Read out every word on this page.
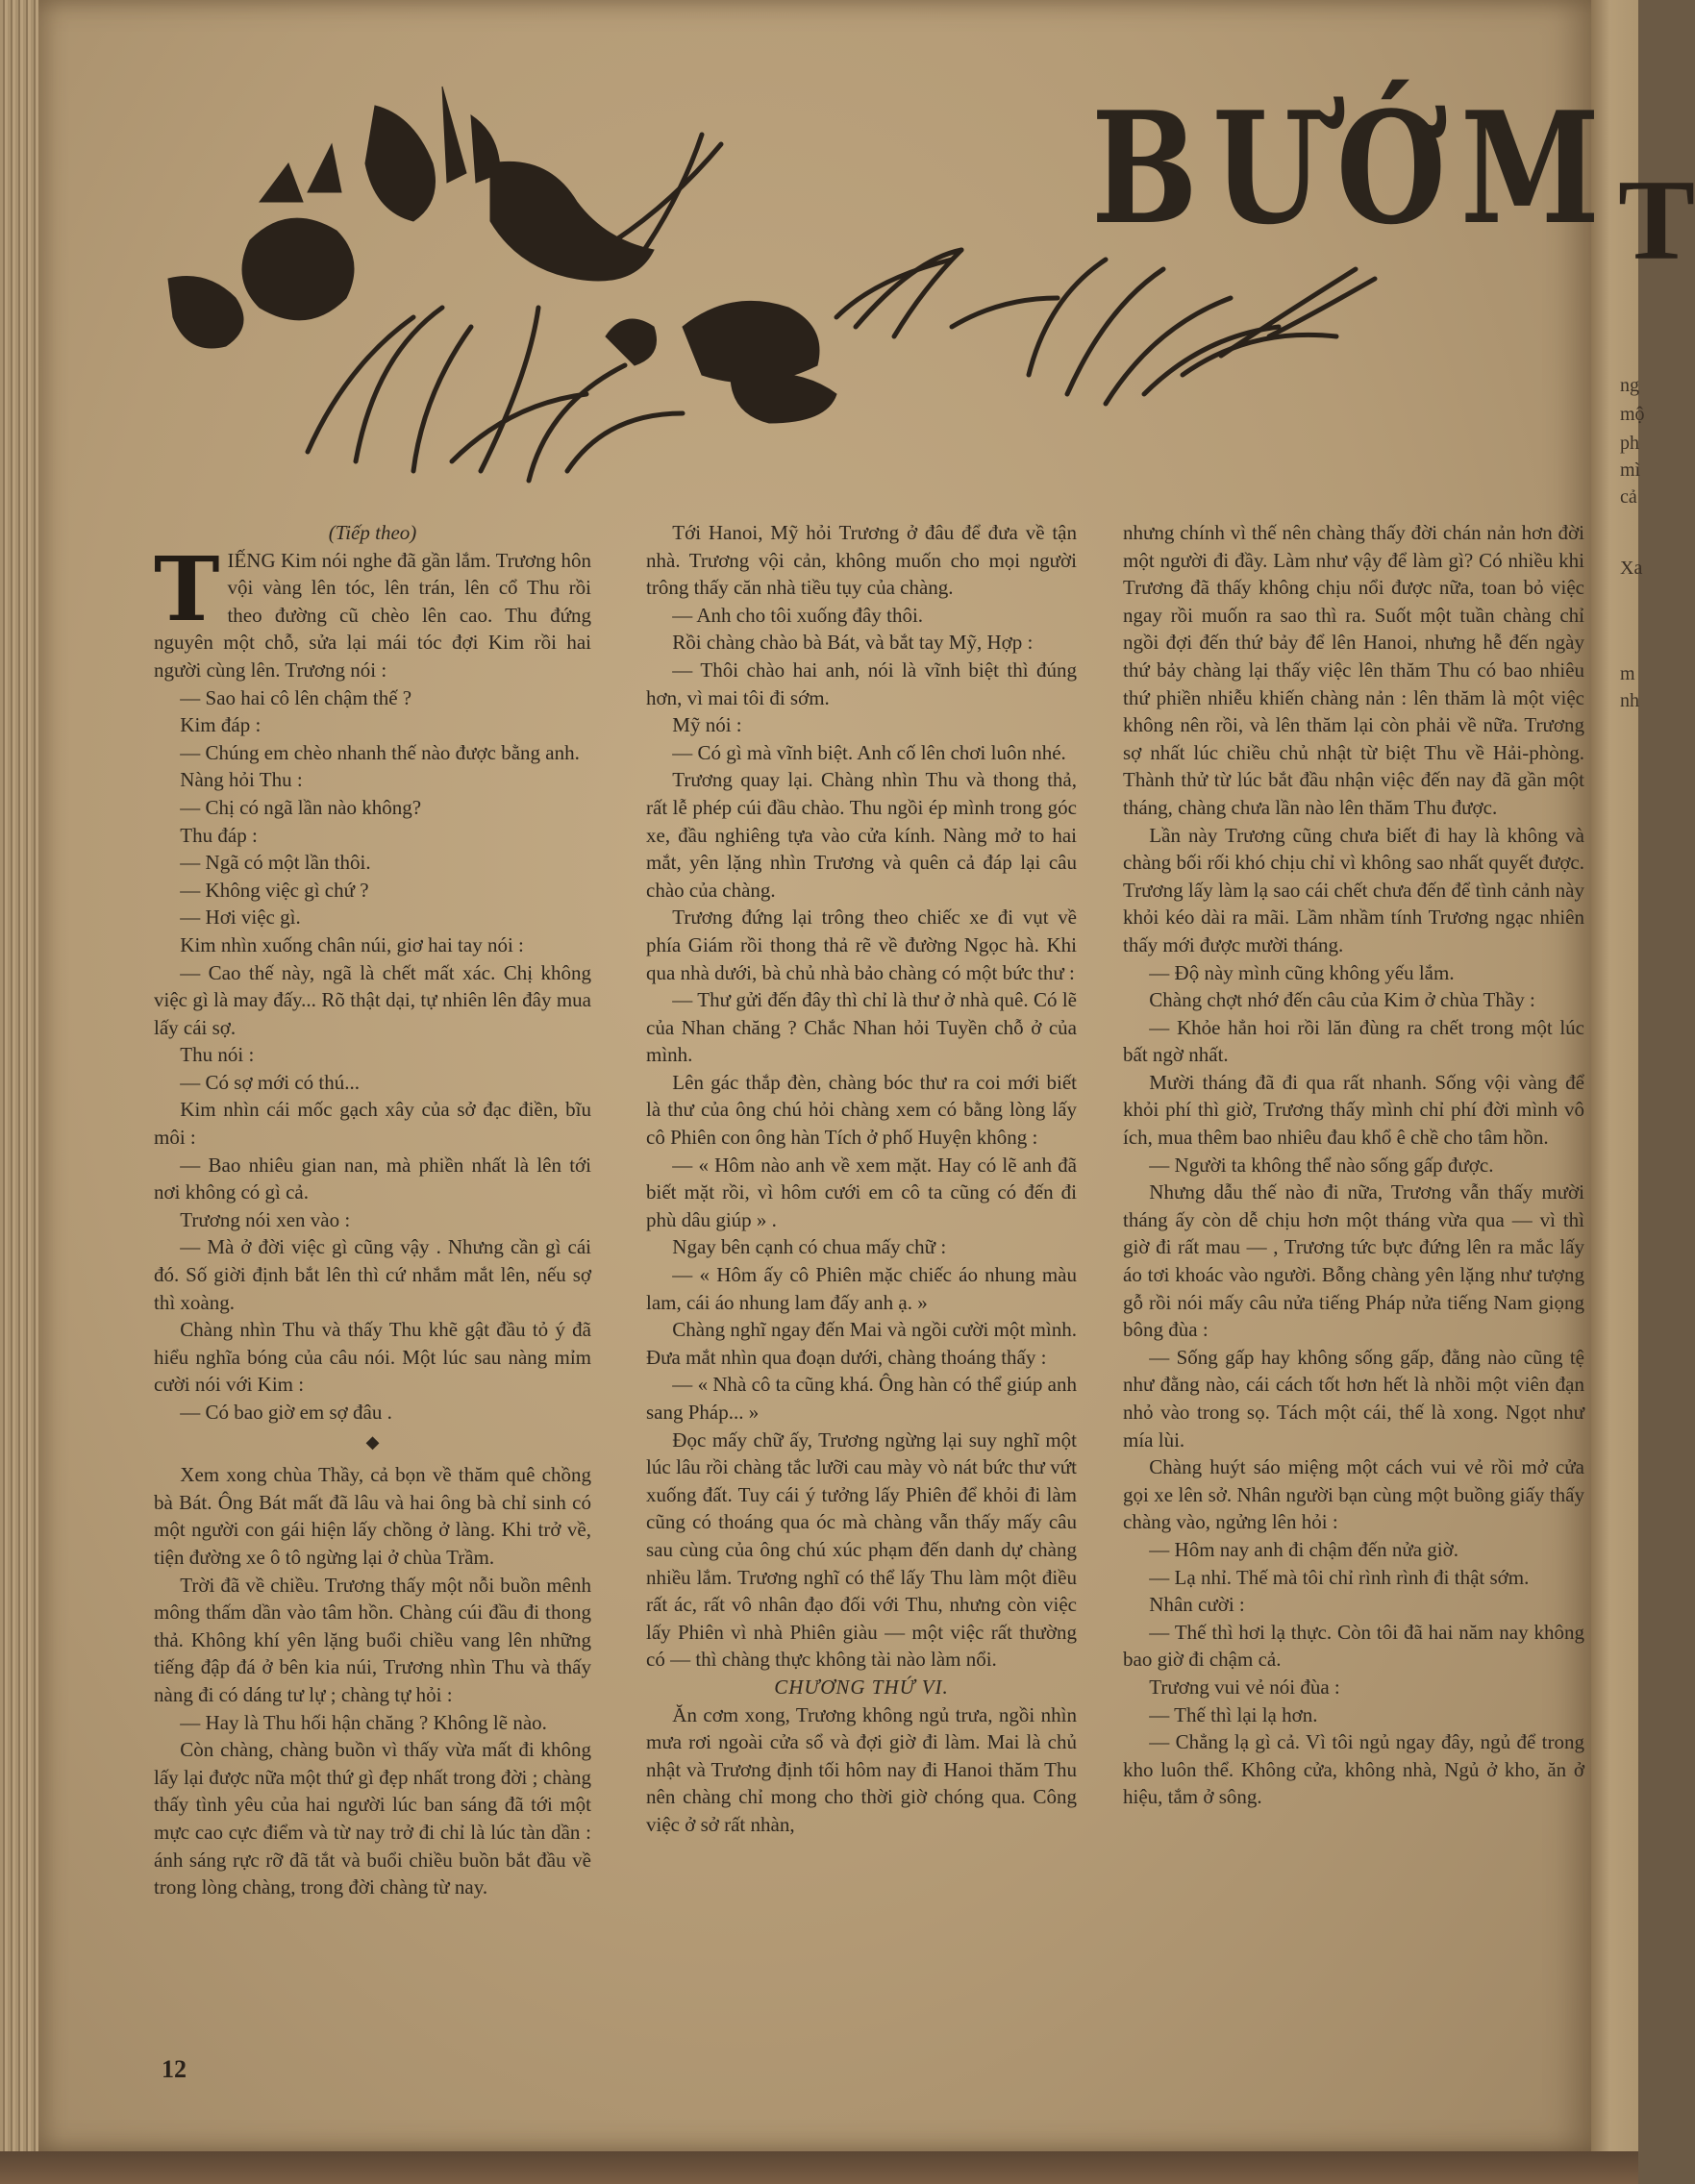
T
ng
mộ
ph
mì
cả
Xa
m
nh
BƯỚM

(Tiếp theo)

TIẾNG Kim nói nghe đã gần lắm. Trương hôn vội vàng lên tóc, lên trán, lên cổ Thu rồi theo đường cũ chèo lên cao. Thu đứng nguyên một chỗ, sửa lại mái tóc đợi Kim rồi hai người cùng lên. Trương nói :

— Sao hai cô lên chậm thế ?

Kim đáp :

— Chúng em chèo nhanh thế nào được bằng anh.

Nàng hỏi Thu :

— Chị có ngã lần nào không?

Thu đáp :

— Ngã có một lần thôi.

— Không việc gì chứ ?

— Hơi việc gì.

Kim nhìn xuống chân núi, giơ hai tay nói :

— Cao thế này, ngã là chết mất xác. Chị không việc gì là may đấy... Rõ thật dại, tự nhiên lên đây mua lấy cái sợ.

Thu nói :

— Có sợ mới có thú...

Kim nhìn cái mốc gạch xây của sở đạc điền, bĩu môi :

— Bao nhiêu gian nan, mà phiền nhất là lên tới nơi không có gì cả.

Trương nói xen vào :

— Mà ở đời việc gì cũng vậy . Nhưng cần gì cái đó. Số giời định bắt lên thì cứ nhắm mắt lên, nếu sợ thì xoàng.

Chàng nhìn Thu và thấy Thu khẽ gật đầu tỏ ý đã hiểu nghĩa bóng của câu nói. Một lúc sau nàng mỉm cười nói với Kim :

— Có bao giờ em sợ đâu .

◆

Xem xong chùa Thầy, cả bọn về thăm quê chồng bà Bát. Ông Bát mất đã lâu và hai ông bà chỉ sinh có một người con gái hiện lấy chồng ở làng. Khi trở về, tiện đường xe ô tô ngừng lại ở chùa Trầm.

Trời đã về chiều. Trương thấy một nỗi buồn mênh mông thấm dần vào tâm hồn. Chàng cúi đầu đi thong thả. Không khí yên lặng buổi chiều vang lên những tiếng đập đá ở bên kia núi, Trương nhìn Thu và thấy nàng đi có dáng tư lự ; chàng tự hỏi :

— Hay là Thu hối hận chăng ? Không lẽ nào.

Còn chàng, chàng buồn vì thấy vừa mất đi không lấy lại được nữa một thứ gì đẹp nhất trong đời ; chàng thấy tình yêu của hai người lúc ban sáng đã tới một mực cao cực điểm và từ nay trở đi chỉ là lúc tàn dần : ánh sáng rực rỡ đã tắt và buổi chiều buồn bắt đầu về trong lòng chàng, trong đời chàng từ nay.

Tới Hanoi, Mỹ hỏi Trương ở đâu để đưa về tận nhà. Trương vội cản, không muốn cho mọi người trông thấy căn nhà tiều tụy của chàng.

— Anh cho tôi xuống đây thôi.

Rồi chàng chào bà Bát, và bắt tay Mỹ, Hợp :

— Thôi chào hai anh, nói là vĩnh biệt thì đúng hơn, vì mai tôi đi sớm.

Mỹ nói :

— Có gì mà vĩnh biệt. Anh cố lên chơi luôn nhé.

Trương quay lại. Chàng nhìn Thu và thong thả, rất lễ phép cúi đầu chào. Thu ngồi ép mình trong góc xe, đầu nghiêng tựa vào cửa kính. Nàng mở to hai mắt, yên lặng nhìn Trương và quên cả đáp lại câu chào của chàng.

Trương đứng lại trông theo chiếc xe đi vụt về phía Giám rồi thong thả rẽ về đường Ngọc hà. Khi qua nhà dưới, bà chủ nhà bảo chàng có một bức thư :

— Thư gửi đến đây thì chỉ là thư ở nhà quê. Có lẽ của Nhan chăng ? Chắc Nhan hỏi Tuyền chỗ ở của mình.

Lên gác thắp đèn, chàng bóc thư ra coi mới biết là thư của ông chú hỏi chàng xem có bằng lòng lấy cô Phiên con ông hàn Tích ở phố Huyện không :

— « Hôm nào anh về xem mặt. Hay có lẽ anh đã biết mặt rồi, vì hôm cưới em cô ta cũng có đến đi phù dâu giúp » .

Ngay bên cạnh có chua mấy chữ :

— « Hôm ấy cô Phiên mặc chiếc áo nhung màu lam, cái áo nhung lam đấy anh ạ. »

Chàng nghĩ ngay đến Mai và ngồi cười một mình. Đưa mắt nhìn qua đoạn dưới, chàng thoáng thấy :

— « Nhà cô ta cũng khá. Ông hàn có thể giúp anh sang Pháp... »

Đọc mấy chữ ấy, Trương ngừng lại suy nghĩ một lúc lâu rồi chàng tắc lưỡi cau mày vò nát bức thư vứt xuống đất. Tuy cái ý tưởng lấy Phiên để khỏi đi làm cũng có thoáng qua óc mà chàng vẫn thấy mấy câu sau cùng của ông chú xúc phạm đến danh dự chàng nhiều lắm. Trương nghĩ có thể lấy Thu làm một điều rất ác, rất vô nhân đạo đối với Thu, nhưng còn việc lấy Phiên vì nhà Phiên giàu — một việc rất thường có — thì chàng thực không tài nào làm nổi.

CHƯƠNG THỨ VI.

Ăn cơm xong, Trương không ngủ trưa, ngồi nhìn mưa rơi ngoài cửa sổ và đợi giờ đi làm. Mai là chủ nhật và Trương định tối hôm nay đi Hanoi thăm Thu nên chàng chỉ mong cho thời giờ chóng qua. Công việc ở sở rất nhàn,

nhưng chính vì thế nên chàng thấy đời chán nản hơn đời một người đi đầy. Làm như vậy để làm gì? Có nhiều khi Trương đã thấy không chịu nổi được nữa, toan bỏ việc ngay rồi muốn ra sao thì ra. Suốt một tuần chàng chỉ ngồi đợi đến thứ bảy để lên Hanoi, nhưng hễ đến ngày thứ bảy chàng lại thấy việc lên thăm Thu có bao nhiêu thứ phiền nhiễu khiến chàng nản : lên thăm là một việc không nên rồi, và lên thăm lại còn phải về nữa. Trương sợ nhất lúc chiều chủ nhật từ biệt Thu về Hải-phòng. Thành thử từ lúc bắt đầu nhận việc đến nay đã gần một tháng, chàng chưa lần nào lên thăm Thu được.

Lần này Trương cũng chưa biết đi hay là không và chàng bối rối khó chịu chỉ vì không sao nhất quyết được. Trương lấy làm lạ sao cái chết chưa đến để tình cảnh này khỏi kéo dài ra mãi. Lầm nhầm tính Trương ngạc nhiên thấy mới được mười tháng.

— Độ này mình cũng không yếu lắm.

Chàng chợt nhớ đến câu của Kim ở chùa Thầy :

— Khỏe hẳn hoi rồi lăn đùng ra chết trong một lúc bất ngờ nhất.

Mười tháng đã đi qua rất nhanh. Sống vội vàng để khỏi phí thì giờ, Trương thấy mình chỉ phí đời mình vô ích, mua thêm bao nhiêu đau khổ ê chề cho tâm hồn.

— Người ta không thể nào sống gấp được.

Nhưng dẫu thế nào đi nữa, Trương vẫn thấy mười tháng ấy còn dễ chịu hơn một tháng vừa qua — vì thì giờ đi rất mau — , Trương tức bực đứng lên ra mắc lấy áo tơi khoác vào người. Bỗng chàng yên lặng như tượng gỗ rồi nói mấy câu nửa tiếng Pháp nửa tiếng Nam giọng bông đùa :

— Sống gấp hay không sống gấp, đằng nào cũng tệ như đằng nào, cái cách tốt hơn hết là nhồi một viên đạn nhỏ vào trong sọ. Tách một cái, thế là xong. Ngọt như mía lùi.

Chàng huýt sáo miệng một cách vui vẻ rồi mở cửa gọi xe lên sở. Nhân người bạn cùng một buồng giấy thấy chàng vào, ngửng lên hỏi :

— Hôm nay anh đi chậm đến nửa giờ.

— Lạ nhỉ. Thế mà tôi chỉ rình rình đi thật sớm.

Nhân cười :

— Thế thì hơi lạ thực. Còn tôi đã hai năm nay không bao giờ đi chậm cả.

Trương vui vẻ nói đùa :

— Thế thì lại lạ hơn.

— Chẳng lạ gì cả. Vì tôi ngủ ngay đây, ngủ để trong kho luôn thể. Không cửa, không nhà, Ngủ ở kho, ăn ở hiệu, tắm ở sông.

12
